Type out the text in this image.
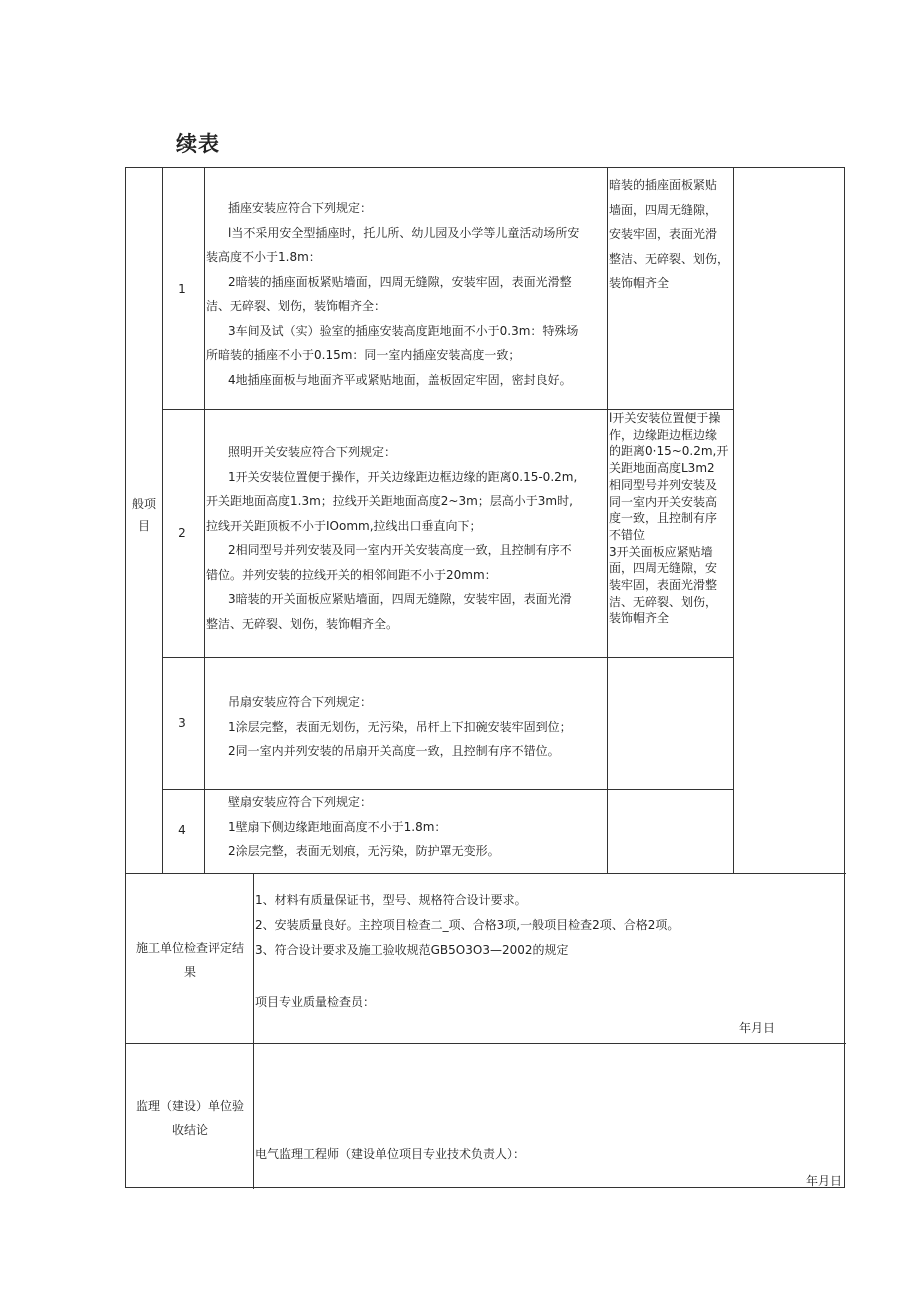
续表

般项

目

1
2
3
4

插座安装应符合下列规定：

l当不采用安全型插座时，托儿所、幼儿园及小学等儿童活动场所安

装高度不小于1.8m：

2暗装的插座面板紧贴墙面，四周无缝隙，安装牢固，表面光滑整

洁、无碎裂、划伤，装饰帽齐全：

3车间及试（实）验室的插座安装高度距地面不小于0.3m：特殊场

所暗装的插座不小于0.15m：同一室内插座安装高度一致；

4地插座面板与地面齐平或紧贴地面，盖板固定牢固，密封良好。

暗装的插座面板紧贴

墙面，四周无缝隙，

安装牢固，表面光滑

整洁、无碎裂、划伤，

装饰帽齐全

照明开关安装应符合下列规定：

1开关安装位置便于操作，开关边缘距边框边缘的距离0.15-0.2m,

开关距地面高度1.3m；拉线开关距地面高度2~3m；层高小于3m时,

拉线开关距顶板不小于IOomm,拉线出口垂直向下；

2相同型号并列安装及同一室内开关安装高度一致，且控制有序不

错位。并列安装的拉线开关的相邻间距不小于20mm：

3暗装的开关面板应紧贴墙面，四周无缝隙，安装牢固，表面光滑

整洁、无碎裂、划伤，装饰帽齐全。

l开关安装位置便于操

作，边缘距边框边缘

的距离0·15~0.2m,开

关距地面高度L3m2

相同型号并列安装及

同一室内开关安装高

度一致，且控制有序

不错位

3开关面板应紧贴墙

面，四周无缝隙，安

装牢固，表面光滑整

洁、无碎裂、划伤，

装饰帽齐全

吊扇安装应符合下列规定：

1涂层完整，表面无划伤，无污染，吊杆上下扣碗安装牢固到位；

2同一室内并列安装的吊扇开关高度一致，且控制有序不错位。

壁扇安装应符合下列规定：

1壁扇下侧边缘距地面高度不小于1.8m：

2涂层完整，表面无划痕，无污染，防护罩无变形。

施工单位检查评定结

果

1、材料有质量保证书，型号、规格符合设计要求。

2、安装质量良好。主控项目检查二_项、合格3项,一般项目检查2项、合格2项。

3、符合设计要求及施工验收规范GB5O3O3—2002的规定

项目专业质量检查员：
年月日

监理（建设）单位验

收结论

电气监理工程师（建设单位项目专业技术负责人）：
年月日
